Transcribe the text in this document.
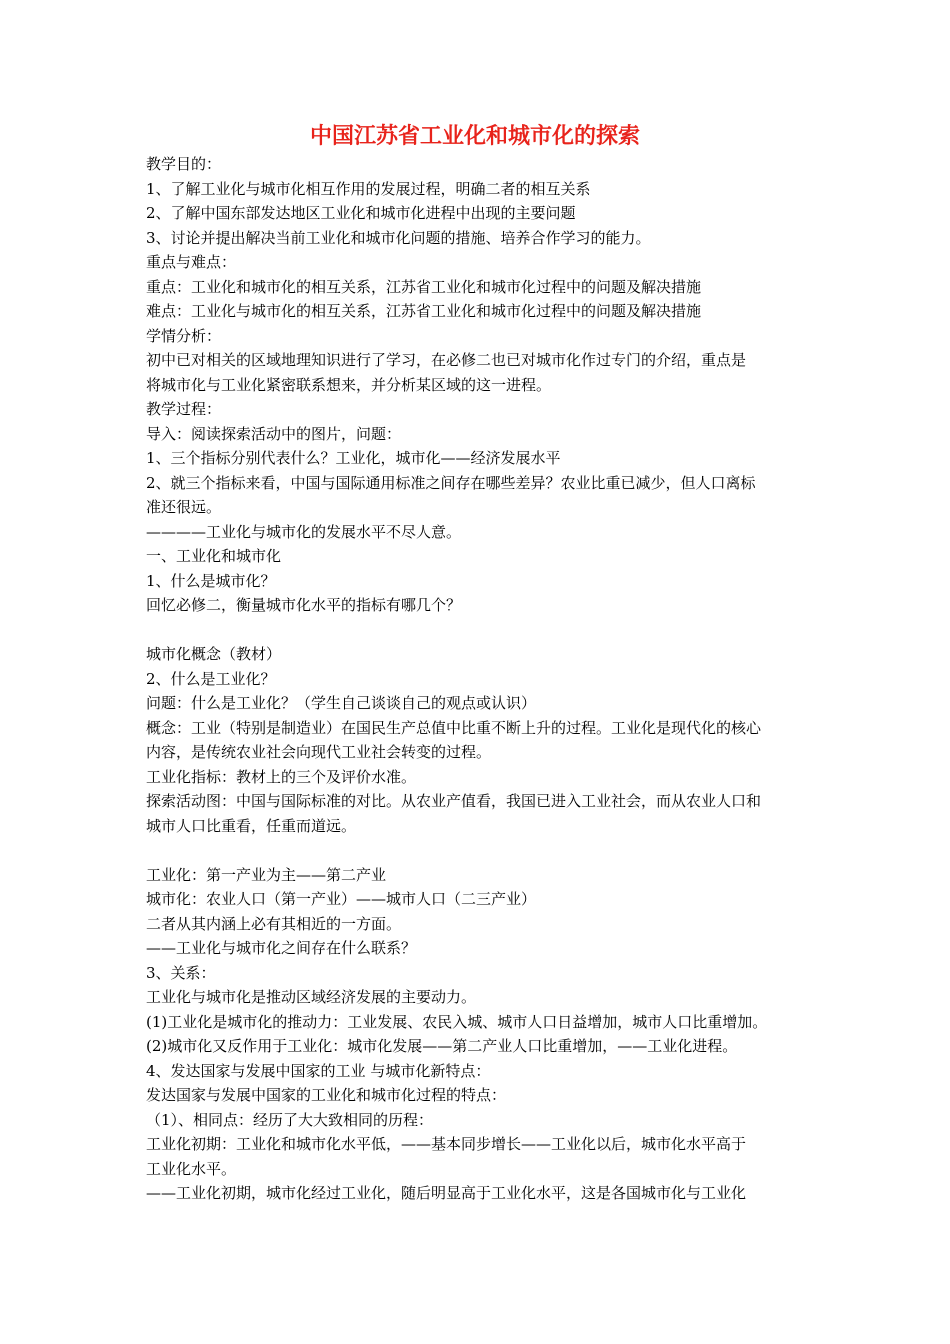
中国江苏省工业化和城市化的探索

教学目的：

1、了解工业化与城市化相互作用的发展过程，明确二者的相互关系

2、了解中国东部发达地区工业化和城市化进程中出现的主要问题

3、讨论并提出解决当前工业化和城市化问题的措施、培养合作学习的能力。

重点与难点：

重点：工业化和城市化的相互关系，江苏省工业化和城市化过程中的问题及解决措施

难点：工业化与城市化的相互关系，江苏省工业化和城市化过程中的问题及解决措施

学情分析：

初中已对相关的区域地理知识进行了学习，在必修二也已对城市化作过专门的介绍，重点是

将城市化与工业化紧密联系想来，并分析某区域的这一进程。

教学过程：

导入：阅读探索活动中的图片，问题：

1、三个指标分别代表什么？工业化，城市化——经济发展水平

2、就三个指标来看，中国与国际通用标准之间存在哪些差异？农业比重已减少，但人口离标

准还很远。

————工业化与城市化的发展水平不尽人意。

一、工业化和城市化

1、什么是城市化？

回忆必修二，衡量城市化水平的指标有哪几个？

城市化概念（教材）

2、什么是工业化？

问题：什么是工业化？（学生自己谈谈自己的观点或认识）

概念：工业（特别是制造业）在国民生产总值中比重不断上升的过程。工业化是现代化的核心

内容，是传统农业社会向现代工业社会转变的过程。

工业化指标：教材上的三个及评价水准。

探索活动图：中国与国际标准的对比。从农业产值看，我国已进入工业社会，而从农业人口和

城市人口比重看，任重而道远。

工业化：第一产业为主——第二产业

城市化：农业人口（第一产业）——城市人口（二三产业）

二者从其内涵上必有其相近的一方面。

——工业化与城市化之间存在什么联系？

3、关系：

工业化与城市化是推动区域经济发展的主要动力。

(1)工业化是城市化的推动力：工业发展、农民入城、城市人口日益增加，城市人口比重增加。

(2)城市化又反作用于工业化：城市化发展——第二产业人口比重增加，——工业化进程。

4、发达国家与发展中国家的工业 与城市化新特点：

发达国家与发展中国家的工业化和城市化过程的特点：

（1）、相同点：经历了大大致相同的历程：

工业化初期：工业化和城市化水平低，——基本同步增长——工业化以后，城市化水平高于

工业化水平。

——工业化初期，城市化经过工业化，随后明显高于工业化水平，这是各国城市化与工业化
